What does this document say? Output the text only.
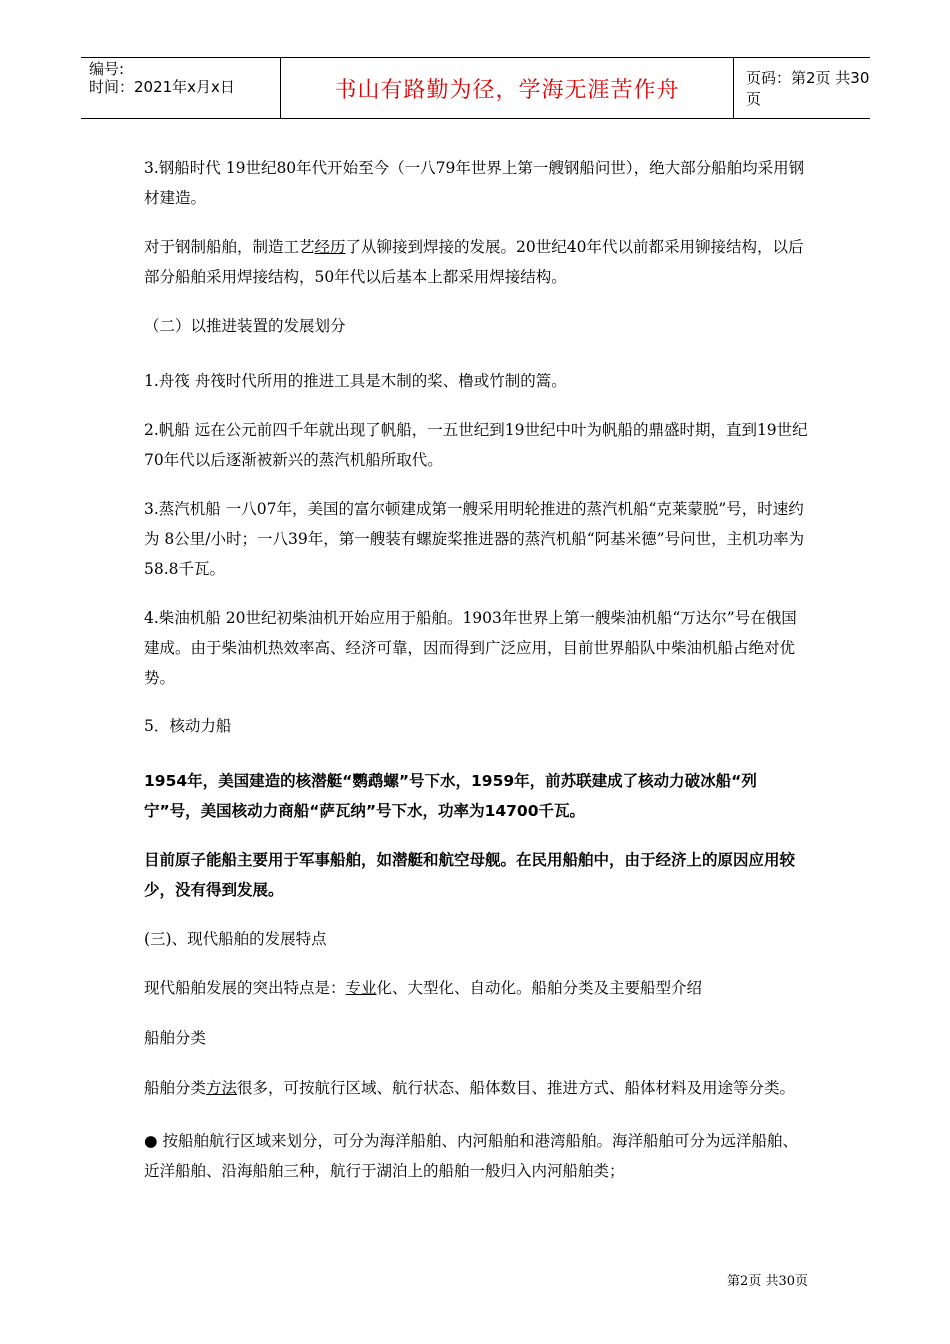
编号:
时间：2021年x月x日	书山有路勤为径，学海无涯苦作舟	页码：第2页 共30页

3.钢船时代 19世纪80年代开始至今（一八79年世界上第一艘钢船问世），绝大部分船舶均采用钢材建造。

对于钢制船舶，制造工艺经历了从铆接到焊接的发展。20世纪40年代以前都采用铆接结构，以后部分船舶采用焊接结构，50年代以后基本上都采用焊接结构。

（二）以推进装置的发展划分

1.舟筏 舟筏时代所用的推进工具是木制的桨、橹或竹制的篙。

2.帆船 远在公元前四千年就出现了帆船，一五世纪到19世纪中叶为帆船的鼎盛时期，直到19世纪70年代以后逐渐被新兴的蒸汽机船所取代。

3.蒸汽机船 一八07年，美国的富尔顿建成第一艘采用明轮推进的蒸汽机船“克莱蒙脱”号，时速约为 8公里/小时；一八39年，第一艘装有螺旋桨推进器的蒸汽机船“阿基米德”号问世，主机功率为58.8千瓦。

4.柴油机船 20世纪初柴油机开始应用于船舶。1903年世界上第一艘柴油机船“万达尔”号在俄国建成。由于柴油机热效率高、经济可靠，因而得到广泛应用，目前世界船队中柴油机船占绝对优势。

5．核动力船

1954年，美国建造的核潜艇“鹦鹉螺”号下水，1959年，前苏联建成了核动力破冰船“列宁”号，美国核动力商船“萨瓦纳”号下水，功率为14700千瓦。

目前原子能船主要用于军事船舶，如潜艇和航空母舰。在民用船舶中，由于经济上的原因应用较少，没有得到发展。

(三)、现代船舶的发展特点

现代船舶发展的突出特点是：专业化、大型化、自动化。船舶分类及主要船型介绍

船舶分类

船舶分类方法很多，可按航行区域、航行状态、船体数目、推进方式、船体材料及用途等分类。

● 按船舶航行区域来划分，可分为海洋船舶、内河船舶和港湾船舶。海洋船舶可分为远洋船舶、近洋船舶、沿海船舶三种，航行于湖泊上的船舶一般归入内河船舶类；

第2页 共30页
